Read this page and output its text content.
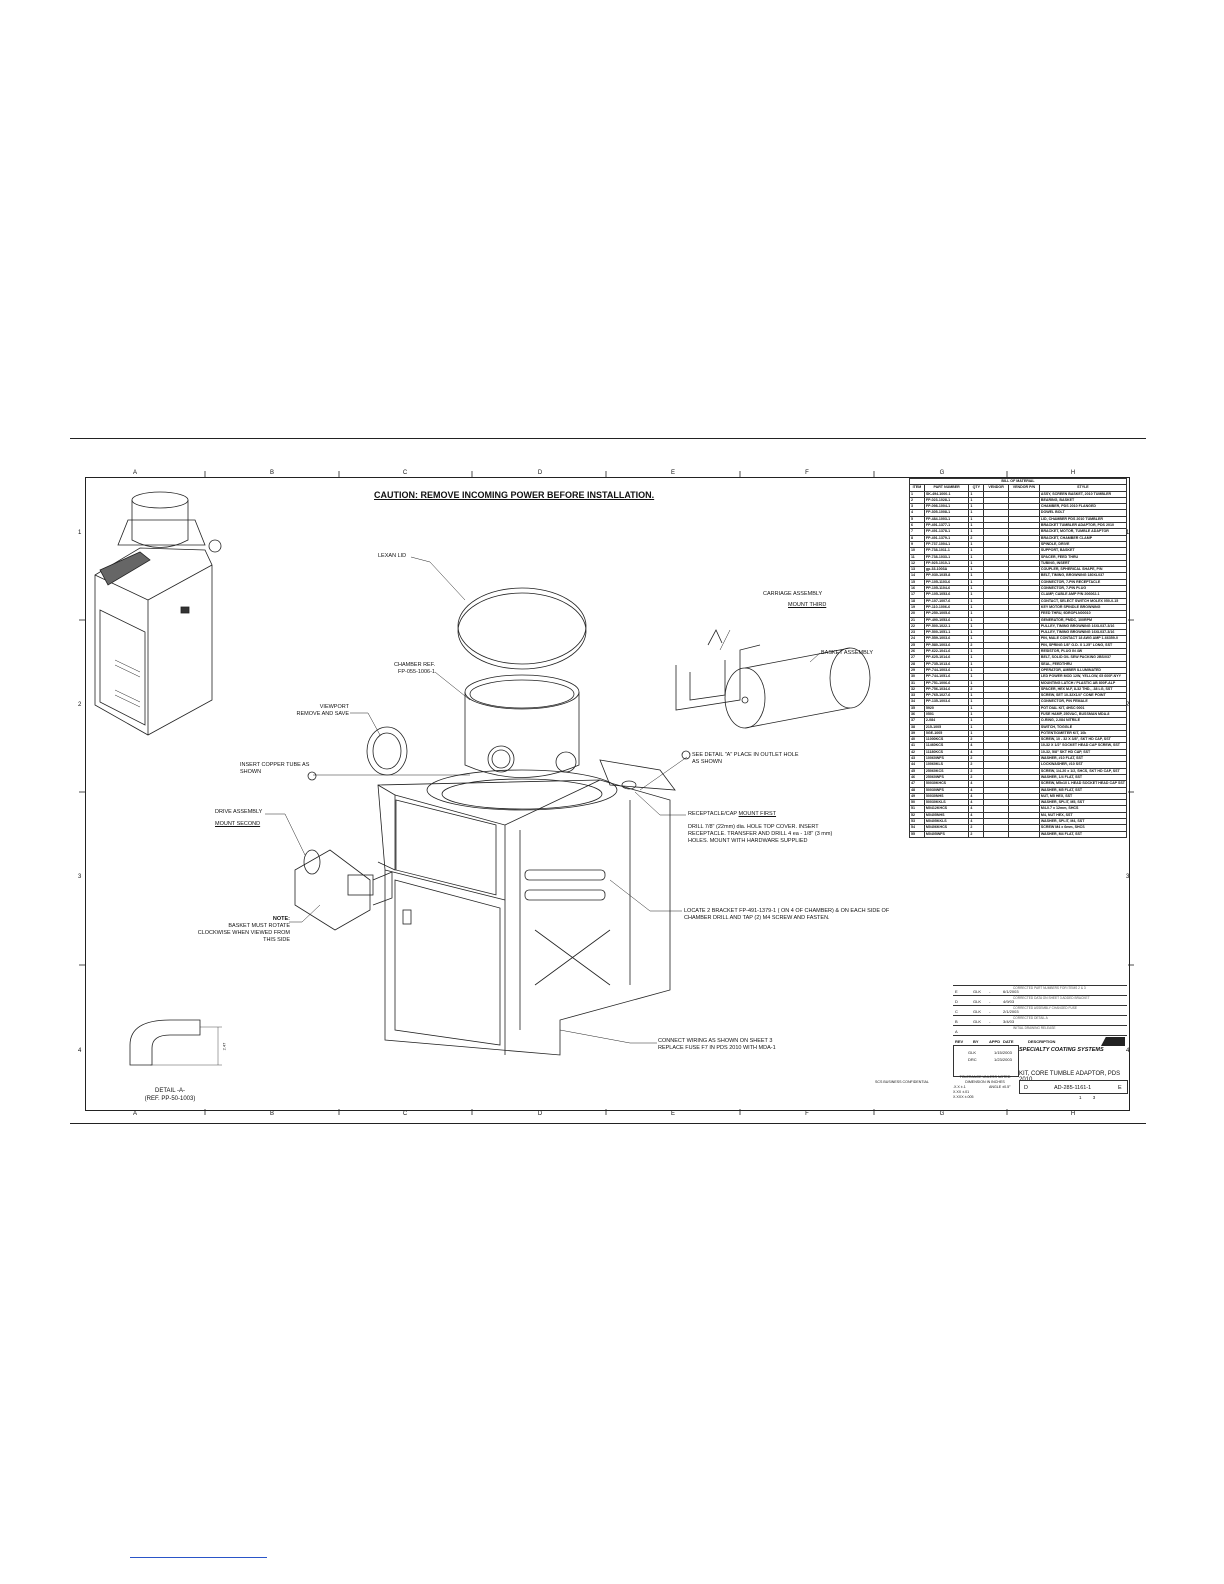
A	B	C	D	E	F	G	H
A	B	C	D	E	F	G	H
1
2
3
4
1
2
3
4
CAUTION: REMOVE INCOMING POWER BEFORE INSTALLATION.
LEXAN LID
CHAMBER REF.
FP-055-1006-1
VIEWPORT
REMOVE AND SAVE
INSERT COPPER TUBE AS
SHOWN
DRIVE ASSEMBLY
MOUNT SECOND
NOTE:
BASKET MUST ROTATE
CLOCKWISE WHEN VIEWED FROM
THIS SIDE
CARRIAGE ASSEMBLY
MOUNT THIRD
BASKET ASSEMBLY
SEE DETAIL "A" PLACE IN OUTLET HOLE
AS SHOWN
RECEPTACLE/CAP MOUNT FIRST
DRILL 7/8" (22mm) dia. HOLE TOP COVER. INSERT
RECEPTACLE. TRANSFER AND DRILL 4 ea - 1/8" (3 mm)
HOLES. MOUNT WITH HARDWARE SUPPLIED
LOCATE 2 BRACKET FP-491-1379-1 ( ON 4 OF CHAMBER) & ON EACH SIDE OF
CHAMBER DRILL AND TAP (2) M4 SCREW AND FASTEN.
CONNECT WIRING AS SHOWN ON SHEET 3
REPLACE FUSE F7 IN PDS 2010 WITH MDA-1
2.47
DETAIL -A-
(REF. PP-50-1003)
BILL OF MATERIAL					
ITEM	PART NUMBER	QTY	VENDOR	VENDOR P/N	STYLE
1	SK-494-1000-1	1			ASSY, SCREEN BASKET, 2010 TUMBLER
2	FP-023-1028-1	1			BEARING, BASKET
3	FP-098-1004-1	1			CHAMBER, PDS 2010 FLANGED
4	FP-305-1008-1	1			DOWEL BOLT
5	FP-484-1003-1	1			LID, CHAMBER PDS 2010 TUMBLER
6	FP-491-1377-1	1			BRACKET TUMBLER ADAPTOR, PDS 2010
7	FP-491-1378-1	1			BRACKET, MOTOR, TUMBLE ADAPTOR
8	FP-491-1379-1	2			BRACKET, CHAMBER CLAMP
9	FP-737-1004-1	1			SPINDLE, DRIVE
10	FP-738-1011-1	1			SUPPORT, BASKET
11	FP-738-1033-1	1			SPACER, FEED THRU
12	FP-925-1010-1	1			TUBING, INSERT
13	gp-33-1003A	1			COUPLER, SPHERICAL SHAPE, P/N
14	PP-030-1035-8	1			BELT, TIMING, BROWNING 180XL037
15	PP-105-1103-6	1			CONNECTOR, 7-PIN RECEPTACLE
16	PP-105-1104-6	1			CONNECTOR, 7-PIN PLUG
17	PP-105-1053-6	1			CLAMP, CABLE AMP P/N 206062-1
18	PP-107-1007-6	1			CONTACT, SELECT SWITCH MOLEX 050-0-15
19	PP-110-1006-6	1			KEY MOTOR SPINDLE BROWNING
20	PP-250-1005-6	1			FEED THRU, 9DROPLN00010
21	PP-490-1053-6	1			GENERATOR, PMDC, 100RPM
22	PP-500-1022-1	1			PULLEY, TIMING BROWNING 16XL037-3/16
23	PP-500-1051-1	1			PULLEY, TIMING BROWNING 16XL037-3/16
24	PP-559-1003-6	1			PIN, MALE CONTACT 18 AWG AMP 1-66359-0
25	PP-580-1003-6	2			PIN, SPRING 1/8" O.D. X 1.25" LONG, SST
26	PP-622-1041-6	1			RESISTOR, PLUG IN 4W
27	PP-625-1014-6	1			BELT, SOLID OIL SEW PACKING 2BS/037
28	PP-735-1013-6	1			SEAL, FEEDTHRU
29	PP-744-1003-6	1			OPERATOR, AMBER ILLUMINATED
30	PP-744-1051-6	1			LED POWER MOD 12W, YELLOW, 65 600F-NYY
31	PP-751-1006-6	1			MOUNTING LATCH / PLASTIC AB 800F-ALP
32	PP-756-1034-6	2			SPACER, HEX M-F, 8-32 THD., .38 LG, SST
33	PP-765-1027-6	1			SCREW, SET 10-32X1/4" CONE POINT
34	PP-135-1003-6	1			CONNECTOR, PIN FEMALE
35	5920	1			POT DIAL KIT, 4HSC 0001
36	0501	1			FUSE HAMP, 250VAC, BUSSMAN MDA-8
37	2-084	1			O-RING, 2-084 NITRILE
38	215-1005	1			SWITCH, TOGGLE
39	5GE-1005	1			POTENTIOMETER KIT, 10k
40	11000KCS	2			SCREW, 10 - 32 X 3/8", SKT HD CAP, SST
41	11460KCS	4			10-32 X 1/2" SOCKET HEAD CAP SCREW, SST
42	11180KCS	4			10-32, 5/8" SKT HD CAP, SST
43	10060WFS	2			WASHER, #10 FLAT, SST
44	10060KLS	2			LOCKWASHER, #10 SST
45	25060KCS	2			SCREW, 1/4-20 x 1/2, SHCS, SKT HD CAP, SST
46	25060WFS	2			WASHER, 1/4 FLAT, SST
47	50030KHCS	4			SCREW, M5x10 L HEAD SOCKET HEAD CAP SST
48	50030WFS	4			WASHER, M5 FLAT, SST
49	50030NHS	4			NUT, M5 HEX, SST
50	50030KKLS	4			WASHER, SPLIT, M5, SST
51	M0412KHCS	4			M4-0.7 x 12mm, SHCS
52	M0405NHS	4			M4, NUT HEX, SST
53	M0405KKLS	4			WASHER, SPLIT, M4, SST
54	M0406KHCS	2			SCREW M4 x 6mm, SHCS
55	M0405WFS	2			WASHER, M4 FLAT, SST
E	GLK -	6/1/2003
CORRECTED PART NUMBERS FOR ITEMS 2 & 3
D	GLK -	4/9/03
CORRECTED DATA ON SHEET 3 ADDED BRACKET
C	GLK -	2/1/2003
CORRECTED ASSEMBLY CHANGED FUSE
B	GLK -	3/4/03
CORRECTED DETAIL A
A
INITIAL DRAWING RELEASE
REV BY	APPD DATE	DESCRIPTION
GLK	1/15/2003
DRC	1/23/2003
SPECIALTY COATING SYSTEMS
KIT, CORE TUMBLE ADAPTOR, PDS 2010
D	AD-285-1161-1	E
1	3
TOLERANCE UNLESS NOTED
DIMENSION IN INCHES
.X.X ±.1
X.XX ±.01
X.XXX ±.005
ANGLE ±0.5°
SCS BUSINESS CONFIDENTIAL
